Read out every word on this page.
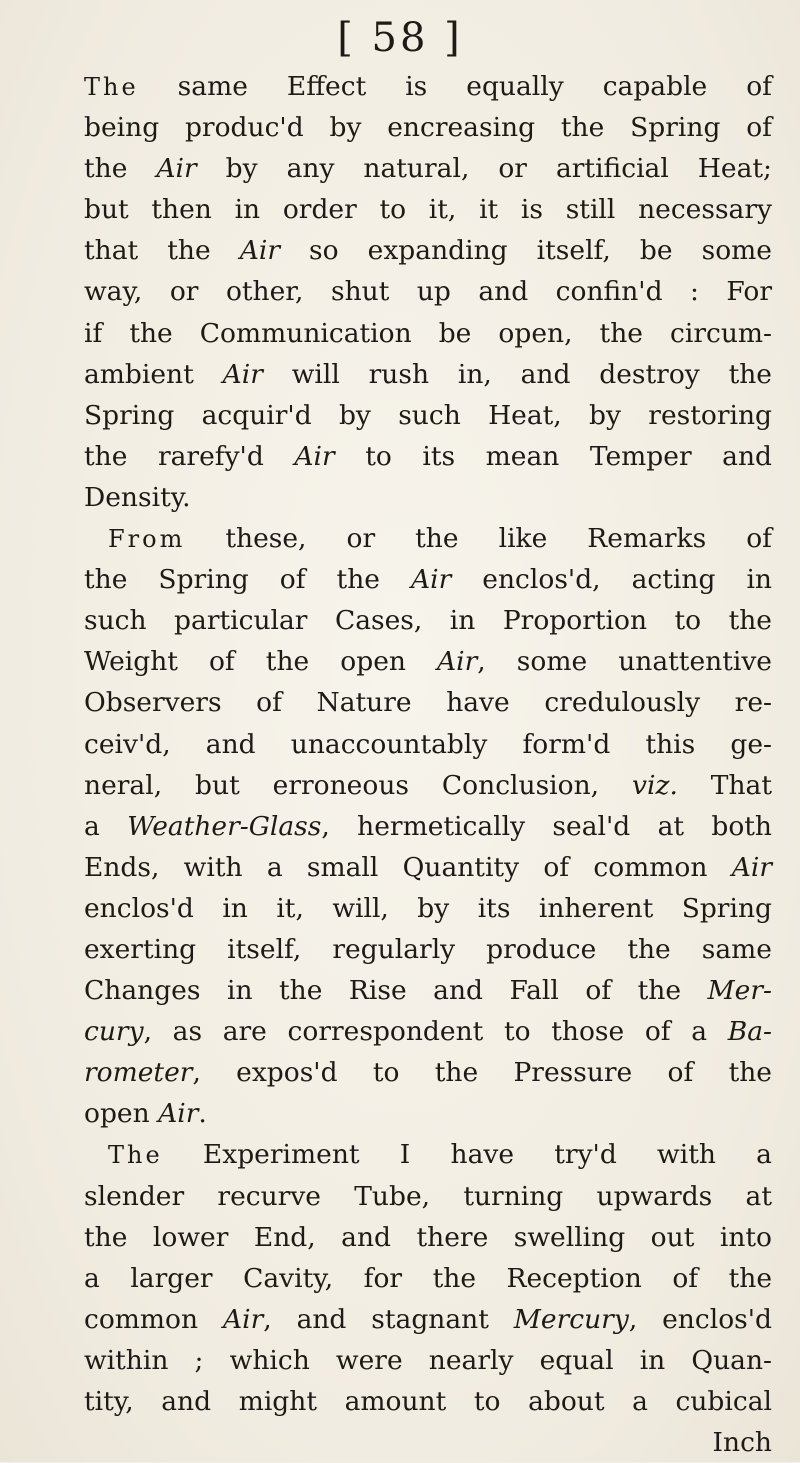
[ 58 ]
The same Effect is equally capable of
being produc'd by encreasing the Spring of
the Air by any natural, or artificial Heat;
but then in order to it, it is still necessary
that the Air so expanding itself, be some
way, or other, shut up and confin'd : For
if the Communication be open, the circum-
ambient Air will rush in, and destroy the
Spring acquir'd by such Heat, by restoring
the rarefy'd Air to its mean Temper and
Density.
From these, or the like Remarks of
the Spring of the Air enclos'd, acting in
such particular Cases, in Proportion to the
Weight of the open Air, some unattentive
Observers of Nature have credulously re-
ceiv'd, and unaccountably form'd this ge-
neral, but erroneous Conclusion, viz. That
a Weather-Glass, hermetically seal'd at both
Ends, with a small Quantity of common Air
enclos'd in it, will, by its inherent Spring
exerting itself, regularly produce the same
Changes in the Rise and Fall of the Mer-
cury, as are correspondent to those of a Ba-
rometer, expos'd to the Pressure of the
open Air.
The Experiment I have try'd with a
slender recurve Tube, turning upwards at
the lower End, and there swelling out into
a larger Cavity, for the Reception of the
common Air, and stagnant Mercury, enclos'd
within ; which were nearly equal in Quan-
tity, and might amount to about a cubical
Inch
